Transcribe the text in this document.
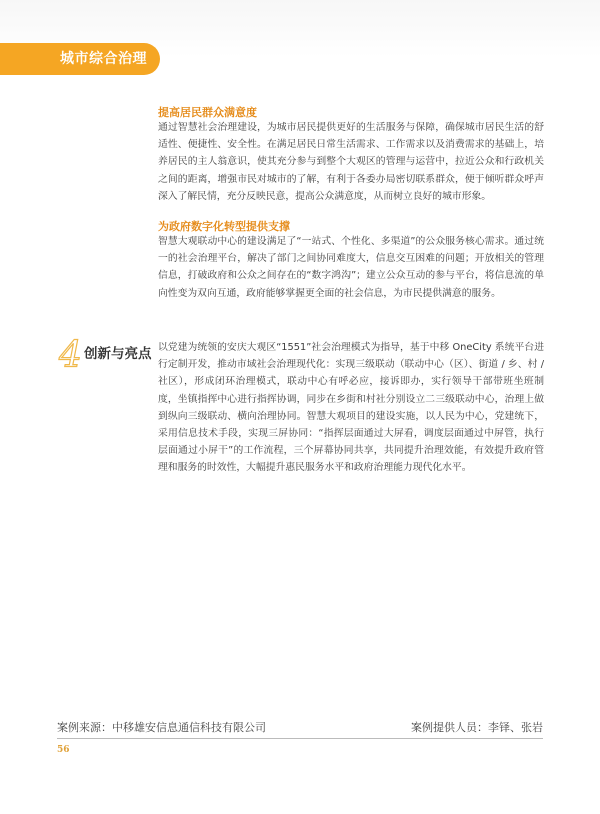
城市综合治理篇
提高居民群众满意度

通过智慧社会治理建设，为城市居民提供更好的生活服务与保障，确保城市居民生活的舒适性、便捷性、安全性。在满足居民日常生活需求、工作需求以及消费需求的基础上，培养居民的主人翁意识，使其充分参与到整个大观区的管理与运营中，拉近公众和行政机关之间的距离，增强市民对城市的了解，有利于各委办局密切联系群众，便于倾听群众呼声深入了解民情，充分反映民意，提高公众满意度，从而树立良好的城市形象。

为政府数字化转型提供支撑

智慧大观联动中心的建设满足了“一站式、个性化、多渠道”的公众服务核心需求。通过统一的社会治理平台，解决了部门之间协同难度大，信息交互困难的问题；开放相关的管理信息，打破政府和公众之间存在的“数字鸿沟”；建立公众互动的参与平台，将信息流的单向性变为双向互通，政府能够掌握更全面的社会信息，为市民提供满意的服务。

4 创新与亮点 以党建为统领的安庆大观区“1551”社会治理模式为指导，基于中移 OneCity 系统平台进行定制开发，推动市域社会治理现代化：实现三级联动（联动中心（区）、街道 / 乡、村 / 社区），形成闭环治理模式，联动中心有呼必应，接诉即办，实行领导干部带班坐班制度，坐镇指挥中心进行指挥协调，同步在乡街和村社分别设立二三级联动中心，治理上做到纵向三级联动、横向治理协同。智慧大观项目的建设实施，以人民为中心，党建统下，采用信息技术手段，实现三屏协同：“指挥层面通过大屏看，调度层面通过中屏管，执行层面通过小屏干”的工作流程，三个屏幕协同共享，共同提升治理效能，有效提升政府管理和服务的时效性，大幅提升惠民服务水平和政府治理能力现代化水平。

案例来源：中移雄安信息通信科技有限公司	案例提供人员：李铎、张岩
56
